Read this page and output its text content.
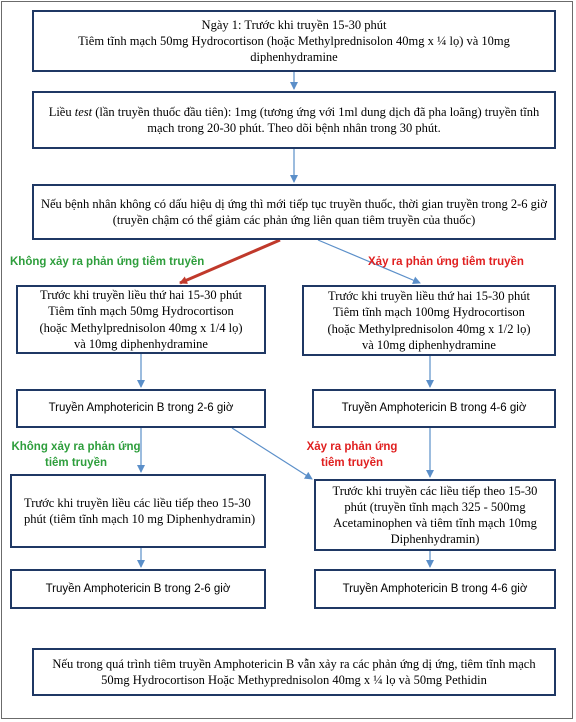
Ngày 1: Trước khi truyền 15-30 phút
Tiêm tĩnh mạch 50mg Hydrocortison (hoặc Methylprednisolon 40mg x ¼ lọ) và 10mg diphenhydramine
Liều test (lần truyền thuốc đầu tiên): 1mg (tương ứng với 1ml dung dịch đã pha loãng) truyền tĩnh mạch trong 20-30 phút. Theo dõi bệnh nhân trong 30 phút.
Nếu bệnh nhân không có dấu hiệu dị ứng thì mới tiếp tục truyền thuốc, thời gian truyền trong 2-6 giờ (truyền chậm có thể giảm các phản ứng liên quan tiêm truyền của thuốc)
Không xảy ra phản ứng tiêm truyền	Xảy ra phản ứng tiêm truyền
Trước khi truyền liều thứ hai 15-30 phút
Tiêm tĩnh mạch 50mg Hydrocortison
(hoặc Methylprednisolon 40mg x 1/4 lọ)
và 10mg diphenhydramine
Trước khi truyền liều thứ hai 15-30 phút
Tiêm tĩnh mạch 100mg Hydrocortison
(hoặc Methylprednisolon 40mg x 1/2 lọ)
và 10mg diphenhydramine
Truyền Amphotericin B trong 2-6 giờ	Truyền Amphotericin B trong 4-6 giờ
Không xảy ra phản ứng
tiêm truyền
Xảy ra phản ứng
tiêm truyền
Trước khi truyền liều các liều tiếp theo 15-30 phút (tiêm tĩnh mạch 10 mg Diphenhydramin)
Trước khi truyền các liều tiếp theo 15-30 phút (truyền tĩnh mạch 325 - 500mg Acetaminophen và tiêm tĩnh mạch 10mg Diphenhydramin)
Truyền Amphotericin B trong 2-6 giờ	Truyền Amphotericin B trong 4-6 giờ
Nếu trong quá trình tiêm truyền Amphotericin B vẫn xảy ra các phản ứng dị ứng, tiêm tĩnh mạch 50mg Hydrocortison Hoặc Methyprednisolon 40mg x ¼ lọ và 50mg Pethidin
